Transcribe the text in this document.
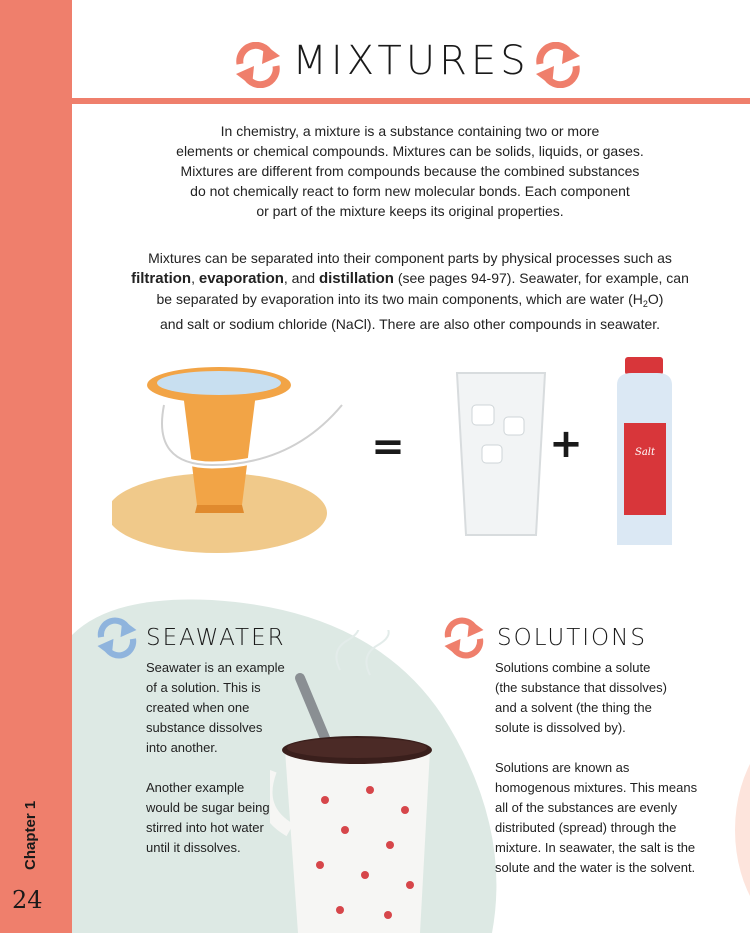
Chapter 1
24
MIXTURES
In chemistry, a mixture is a substance containing two or more
elements or chemical compounds. Mixtures can be solids, liquids, or gases.
Mixtures are different from compounds because the combined substances
do not chemically react to form new molecular bonds. Each component
or part of the mixture keeps its original properties.
Mixtures can be separated into their component parts by physical processes such as
filtration, evaporation, and distillation (see pages 94-97). Seawater, for example, can
be separated by evaporation into its two main components, which are water $(H_2O)$
and salt or sodium chloride (NaCl). There are also other compounds in seawater.
=	+	Salt
SEAWATER	SOLUTIONS

Seawater is an example
of a solution. This is
created when one
substance dissolves
into another.

Another example
would be sugar being
stirred into hot water
until it dissolves.

Solutions combine a solute
(the substance that dissolves)
and a solvent (the thing the
solute is dissolved by).

Solutions are known as
homogenous mixtures. This means
all of the substances are evenly
distributed (spread) through the
mixture. In seawater, the salt is the
solute and the water is the solvent.
